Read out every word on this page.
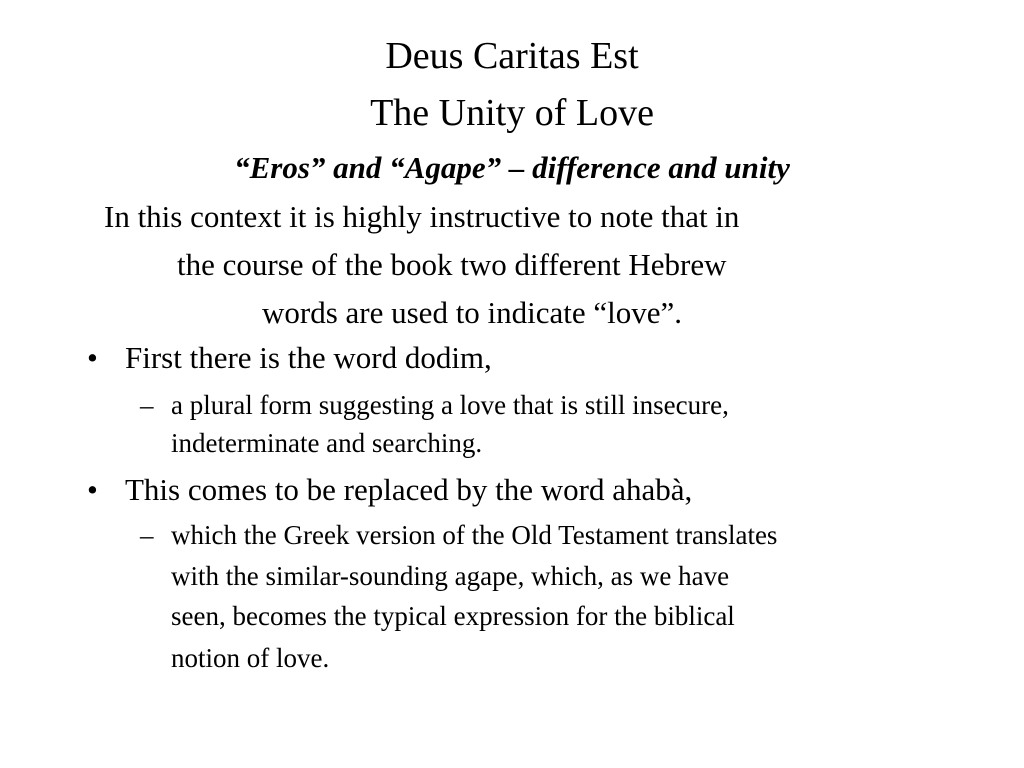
Deus Caritas Est
The Unity of Love
“Eros” and “Agape” – difference and unity
In this context it is highly instructive to note that in
the course of the book two different Hebrew
words are used to indicate “love”.
• First there is the word dodim,
– a plural form suggesting a love that is still insecure,
indeterminate and searching.
• This comes to be replaced by the word ahabà,
– which the Greek version of the Old Testament translates
with the similar-sounding agape, which, as we have
seen, becomes the typical expression for the biblical
notion of love.
